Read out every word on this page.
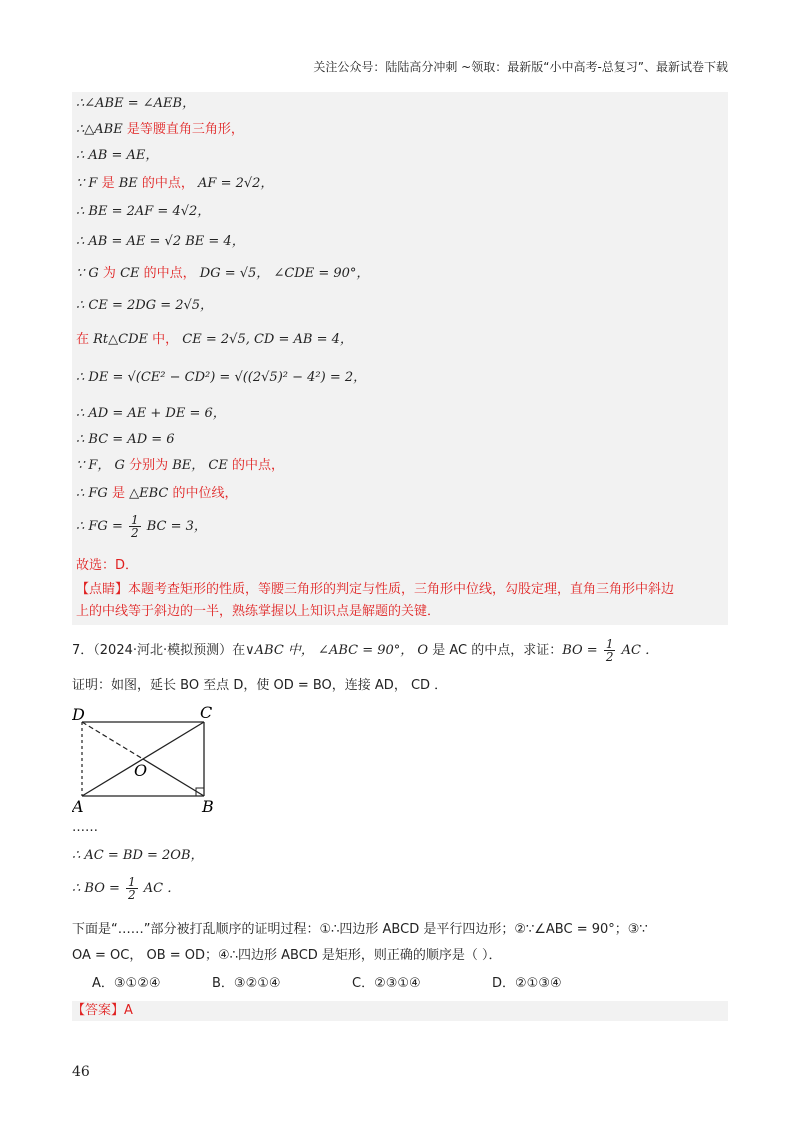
关注公众号：陆陆高分冲刺 ~领取：最新版“小中高考-总复习”、最新试卷下载
∴∠ABE = ∠AEB，
∴△ABE 是等腰直角三角形，
∴ AB = AE，
∵ F 是 BE 的中点， AF = 2√2，
∴ BE = 2AF = 4√2，
∴ AB = AE = √2 BE = 4，
∵ G 为 CE 的中点， DG = √5， ∠CDE = 90°，
∴ CE = 2DG = 2√5，
在 Rt△CDE 中， CE = 2√5, CD = AB = 4，
∴ DE = √(CE² − CD²) = √((2√5)² − 4²) = 2，
∴ AD = AE + DE = 6，
∴ BC = AD = 6
∵ F， G 分别为 BE， CE 的中点，
∴ FG 是 △EBC 的中位线，
∴ FG = $\frac{1}{2}$ BC = 3，
故选：D．
【点睛】本题考查矩形的性质，等腰三角形的判定与性质，三角形中位线，勾股定理，直角三角形中斜边
上的中线等于斜边的一半，熟练掌握以上知识点是解题的关键．
7．（2024·河北·模拟预测）在∨ABC 中， ∠ABC = 90°， O 是 AC 的中点，求证：BO = $\frac{1}{2}$ AC ．
证明：如图，延长 BO 至点 D，使 OD = BO，连接 AD， CD ．
D	C
O
A	B
……
∴ AC = BD = 2OB，
∴ BO = $\frac{1}{2}$ AC ．
下面是“……”部分被打乱顺序的证明过程：①∴四边形 ABCD 是平行四边形；②∵∠ABC = 90°；③∵
OA = OC， OB = OD；④∴四边形 ABCD 是矩形，则正确的顺序是（ ）．
A．③①②④	B．③②①④	C．②③①④	D．②①③④
【答案】A
46
